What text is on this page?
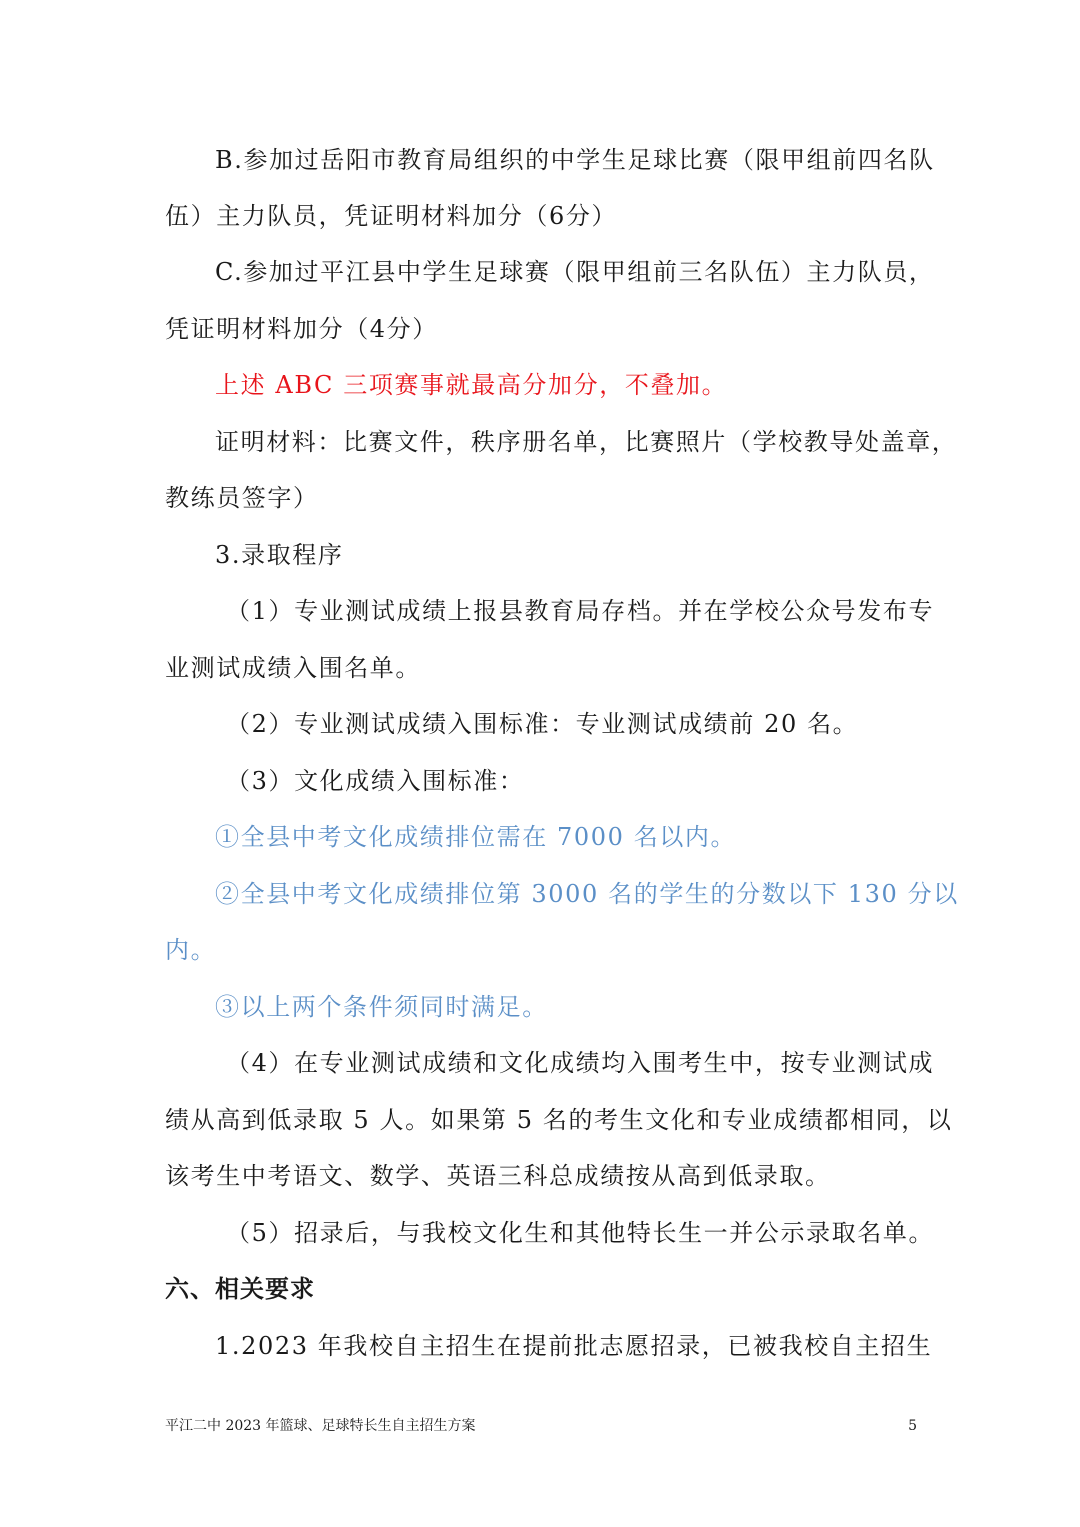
B.参加过岳阳市教育局组织的中学生足球比赛（限甲组前四名队
伍）主力队员，凭证明材料加分（6分）
C.参加过平江县中学生足球赛（限甲组前三名队伍）主力队员，
凭证明材料加分（4分）
上述 ABC 三项赛事就最高分加分，不叠加。
证明材料：比赛文件，秩序册名单，比赛照片（学校教导处盖章，
教练员签字）
3.录取程序
（1）专业测试成绩上报县教育局存档。并在学校公众号发布专
业测试成绩入围名单。
（2）专业测试成绩入围标准：专业测试成绩前 20 名。
（3）文化成绩入围标准：
①全县中考文化成绩排位需在 7000 名以内。
②全县中考文化成绩排位第 3000 名的学生的分数以下 130 分以
内。
③以上两个条件须同时满足。
（4）在专业测试成绩和文化成绩均入围考生中，按专业测试成
绩从高到低录取 5 人。如果第 5 名的考生文化和专业成绩都相同，以
该考生中考语文、数学、英语三科总成绩按从高到低录取。
（5）招录后，与我校文化生和其他特长生一并公示录取名单。
六、相关要求
1.2023 年我校自主招生在提前批志愿招录，已被我校自主招生
平江二中 2023 年篮球、足球特长生自主招生方案	5
